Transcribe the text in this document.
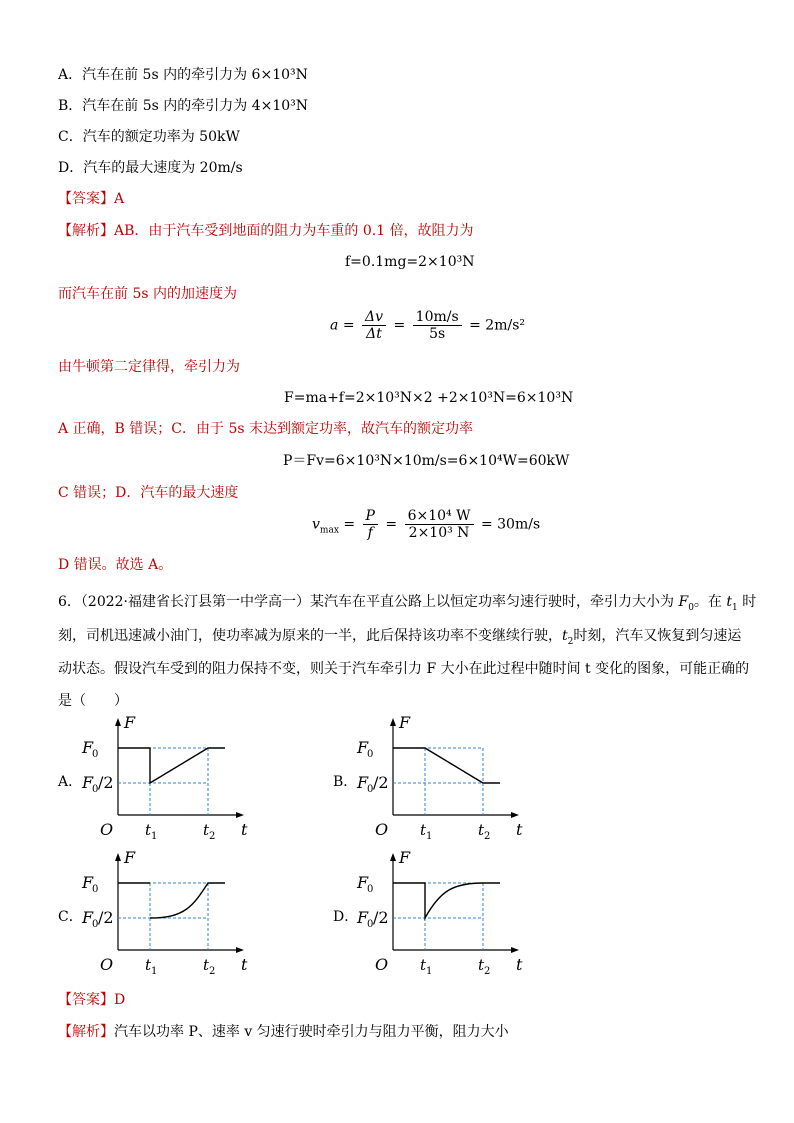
A．汽车在前 5s 内的牵引力为 6×10³N
B．汽车在前 5s 内的牵引力为 4×10³N
C．汽车的额定功率为 50kW
D．汽车的最大速度为 20m/s
【答案】A
【解析】AB．由于汽车受到地面的阻力为车重的 0.1 倍，故阻力为
f=0.1mg=2×10³N
而汽车在前 5s 内的加速度为
$a = \frac{\Delta v}{\Delta t} = \frac{10m/s}{5s} = 2m/s^2$
由牛顿第二定律得，牵引力为
F=ma+f=2×10³N×2 +2×10³N=6×10³N
A 正确，B 错误；C．由于 5s 末达到额定功率，故汽车的额定功率
P＝Fv=6×10³N×10m/s=6×10⁴W=60kW
C 错误；D．汽车的最大速度
$v_{max} = \frac{P}{f} = \frac{\text{6×10⁴ W}}{\text{2×10³ N}} = 30m/s$
D 错误。故选 A。
6．（2022·福建省长汀县第一中学高一）某汽车在平直公路上以恒定功率匀速行驶时，牵引力大小为 $F_0$。在 $t_1$ 时
刻，司机迅速减小油门，使功率减为原来的一半，此后保持该功率不变继续行驶，$t_2$时刻，汽车又恢复到匀速运
动状态。假设汽车受到的阻力保持不变，则关于汽车牵引力 F 大小在此过程中随时间 t 变化的图象，可能正确的
是（　　）
A．	B．
C．	D．
F
t
O
F
0
F
0 /2
t 1	t 2
F
t
O
F
0
F
0 /2
t 1	t 2
F
t
O
F
0
F
0 /2
t 1	t 2
F
t
O
F
0
F
0 /2
t 1	t 2
【答案】D
【解析】汽车以功率 P、速率 v 匀速行驶时牵引力与阻力平衡，阻力大小
